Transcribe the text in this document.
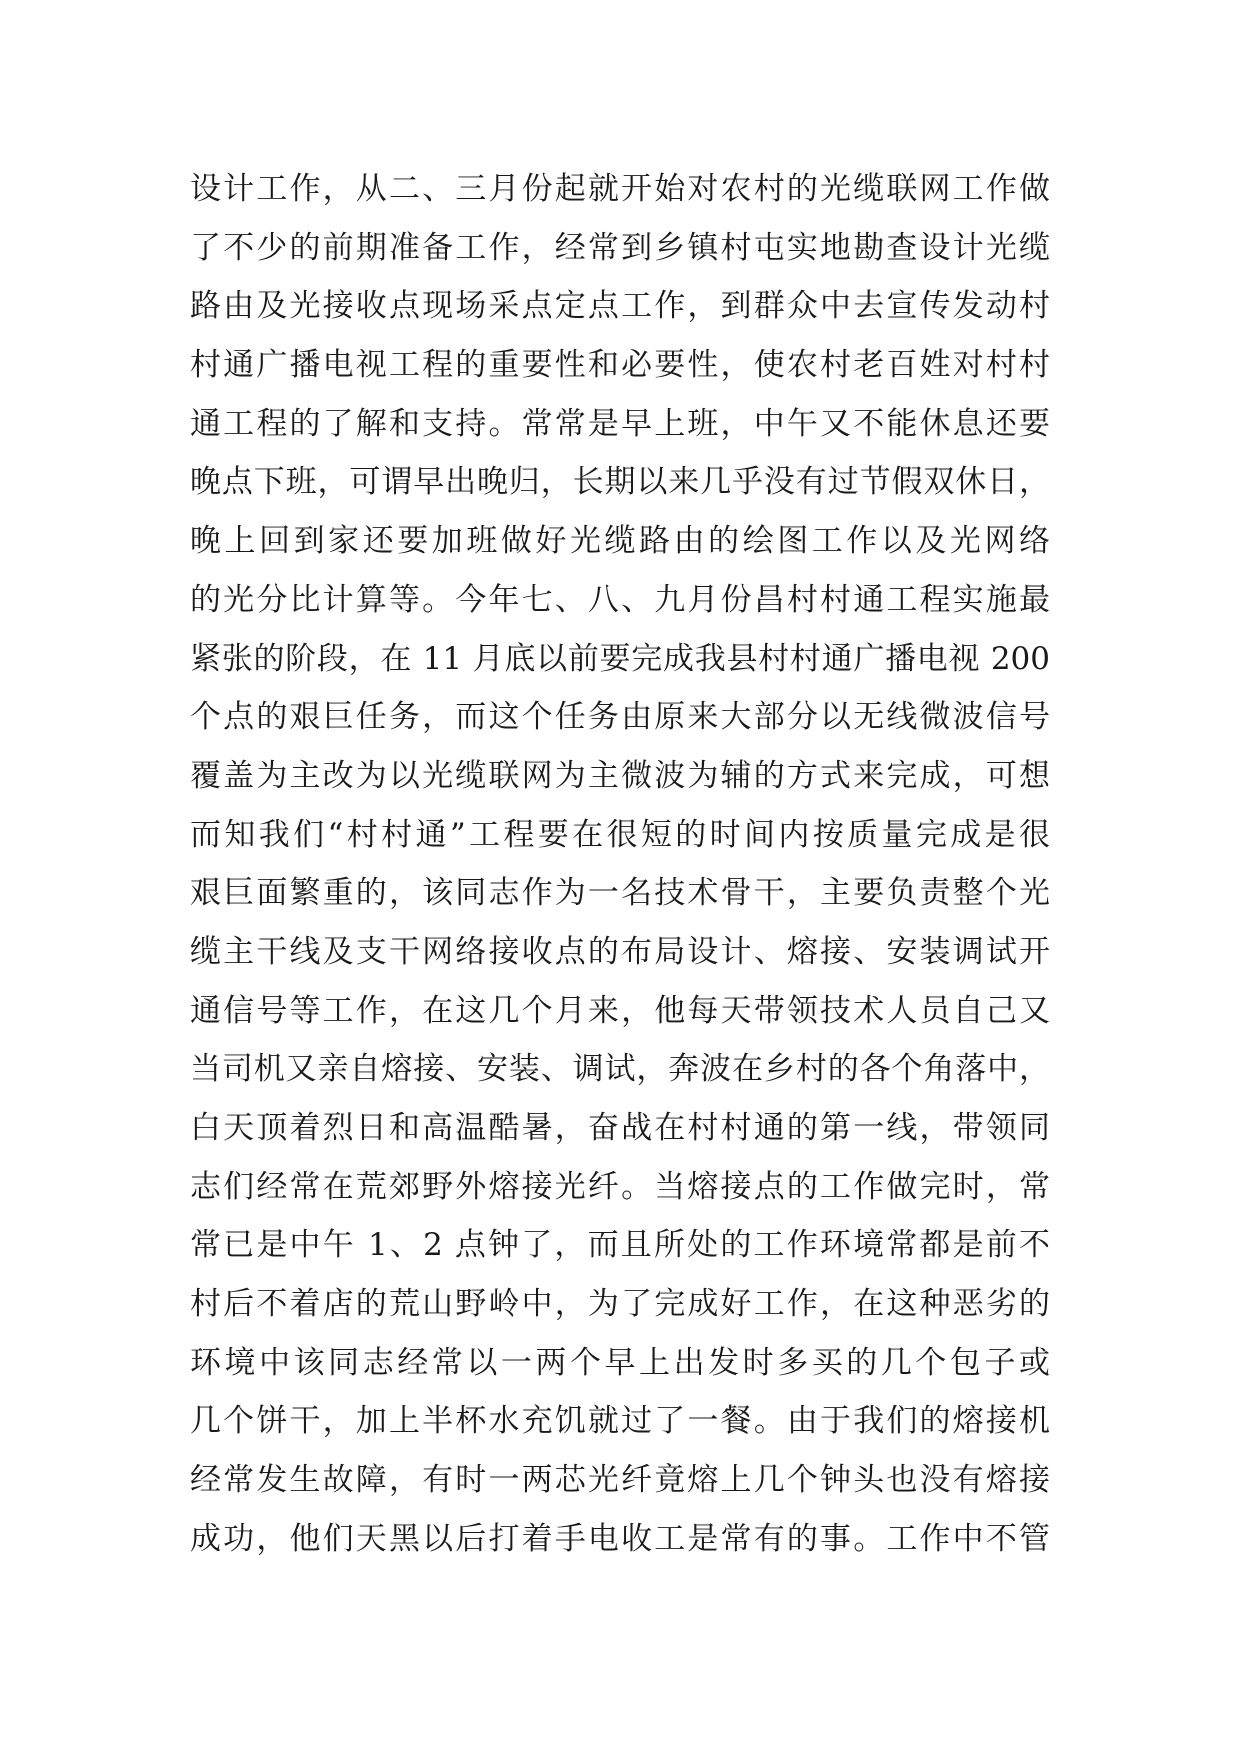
设计工作，从二、三月份起就开始对农村的光缆联网工作做
了不少的前期准备工作，经常到乡镇村屯实地勘查设计光缆
路由及光接收点现场采点定点工作，到群众中去宣传发动村
村通广播电视工程的重要性和必要性，使农村老百姓对村村
通工程的了解和支持。常常是早上班，中午又不能休息还要
晚点下班，可谓早出晚归，长期以来几乎没有过节假双休日，
晚上回到家还要加班做好光缆路由的绘图工作以及光网络
的光分比计算等。今年七、八、九月份昌村村通工程实施最
紧张的阶段，在 11 月底以前要完成我县村村通广播电视 200
个点的艰巨任务，而这个任务由原来大部分以无线微波信号
覆盖为主改为以光缆联网为主微波为辅的方式来完成，可想
而知我们“村村通”工程要在很短的时间内按质量完成是很
艰巨面繁重的，该同志作为一名技术骨干，主要负责整个光
缆主干线及支干网络接收点的布局设计、熔接、安装调试开
通信号等工作，在这几个月来，他每天带领技术人员自己又
当司机又亲自熔接、安装、调试，奔波在乡村的各个角落中，
白天顶着烈日和高温酷暑，奋战在村村通的第一线，带领同
志们经常在荒郊野外熔接光纤。当熔接点的工作做完时，常
常已是中午 1、2 点钟了，而且所处的工作环境常都是前不
村后不着店的荒山野岭中，为了完成好工作，在这种恶劣的
环境中该同志经常以一两个早上出发时多买的几个包子或
几个饼干，加上半杯水充饥就过了一餐。由于我们的熔接机
经常发生故障，有时一两芯光纤竟熔上几个钟头也没有熔接
成功，他们天黑以后打着手电收工是常有的事。工作中不管
